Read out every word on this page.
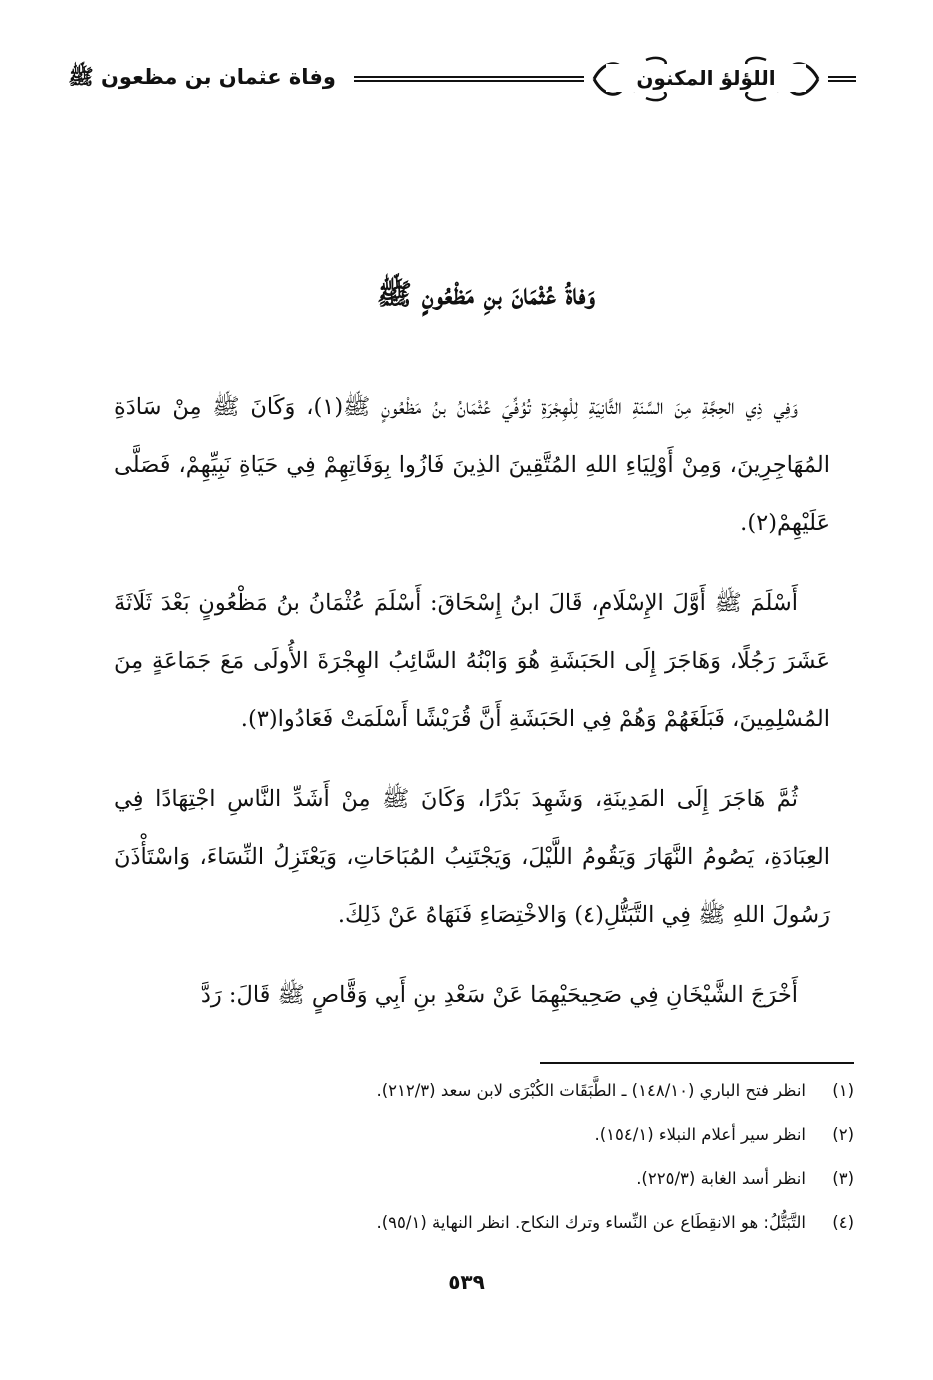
وفاة عثمان بن مظعون ﷺ	اللؤلؤ المكنون
وَفاةُ عُثْمَانَ بنِ مَظْعُونٍ ﷺ

وَفِي ذِي الحِجَّةِ مِنَ السَّنَةِ الثَّانِيَةِ لِلْهِجْرَةِ تُوُفِّيَ عُثْمَانُ بنُ مَظْعُونٍ ﷺ(١)، وَكَانَ ﷺ مِنْ سَادَةِ المُهَاجِرِينَ، وَمِنْ أَوْلِيَاءِ اللهِ المُتَّقِينَ الذِينَ فَازُوا بِوَفَاتِهِمْ فِي حَيَاةِ نَبِيِّهِمْ، فَصَلَّى عَلَيْهِمْ(٢).

أَسْلَمَ ﷺ أَوَّلَ الإِسْلَامِ، قَالَ ابنُ إِسْحَاقَ: أَسْلَمَ عُثْمَانُ بنُ مَظْعُونٍ بَعْدَ ثَلَاثَةَ عَشَرَ رَجُلًا، وَهَاجَرَ إِلَى الحَبَشَةِ هُوَ وَابْنُهُ السَّائِبُ الهِجْرَةَ الأُولَى مَعَ جَمَاعَةٍ مِنَ المُسْلِمِينَ، فَبَلَغَهُمْ وَهُمْ فِي الحَبَشَةِ أَنَّ قُرَيْشًا أَسْلَمَتْ فَعَادُوا(٣).

ثُمَّ هَاجَرَ إِلَى المَدِينَةِ، وَشَهِدَ بَدْرًا، وَكَانَ ﷺ مِنْ أَشَدِّ النَّاسِ اجْتِهَادًا فِي العِبَادَةِ، يَصُومُ النَّهَارَ وَيَقُومُ اللَّيْلَ، وَيَجْتَنِبُ المُبَاحَاتِ، وَيَعْتَزِلُ النِّسَاءَ، وَاسْتَأْذَنَ رَسُولَ اللهِ ﷺ فِي التَّبَتُّلِ(٤) وَالاخْتِصَاءِ فَنَهَاهُ عَنْ ذَلِكَ.

أَخْرَجَ الشَّيْخَانِ فِي صَحِيحَيْهِمَا عَنْ سَعْدِ بنِ أَبِي وَقَّاصٍ ﷺ قَالَ: رَدَّ

(١)
انظر فتح الباري (١٤٨/١٠) ـ الطَّبَقَات الكُبْرَى لابن سعد (٢١٢/٣).
(٢)
انظر سير أعلام النبلاء (١٥٤/١).
(٣)
انظر أسد الغابة (٢٢٥/٣).
(٤)
التَّبَتُّلُ: هو الانقِطَاع عن النِّساء وترك النكاح. انظر النهاية (٩٥/١).
٥٣٩
